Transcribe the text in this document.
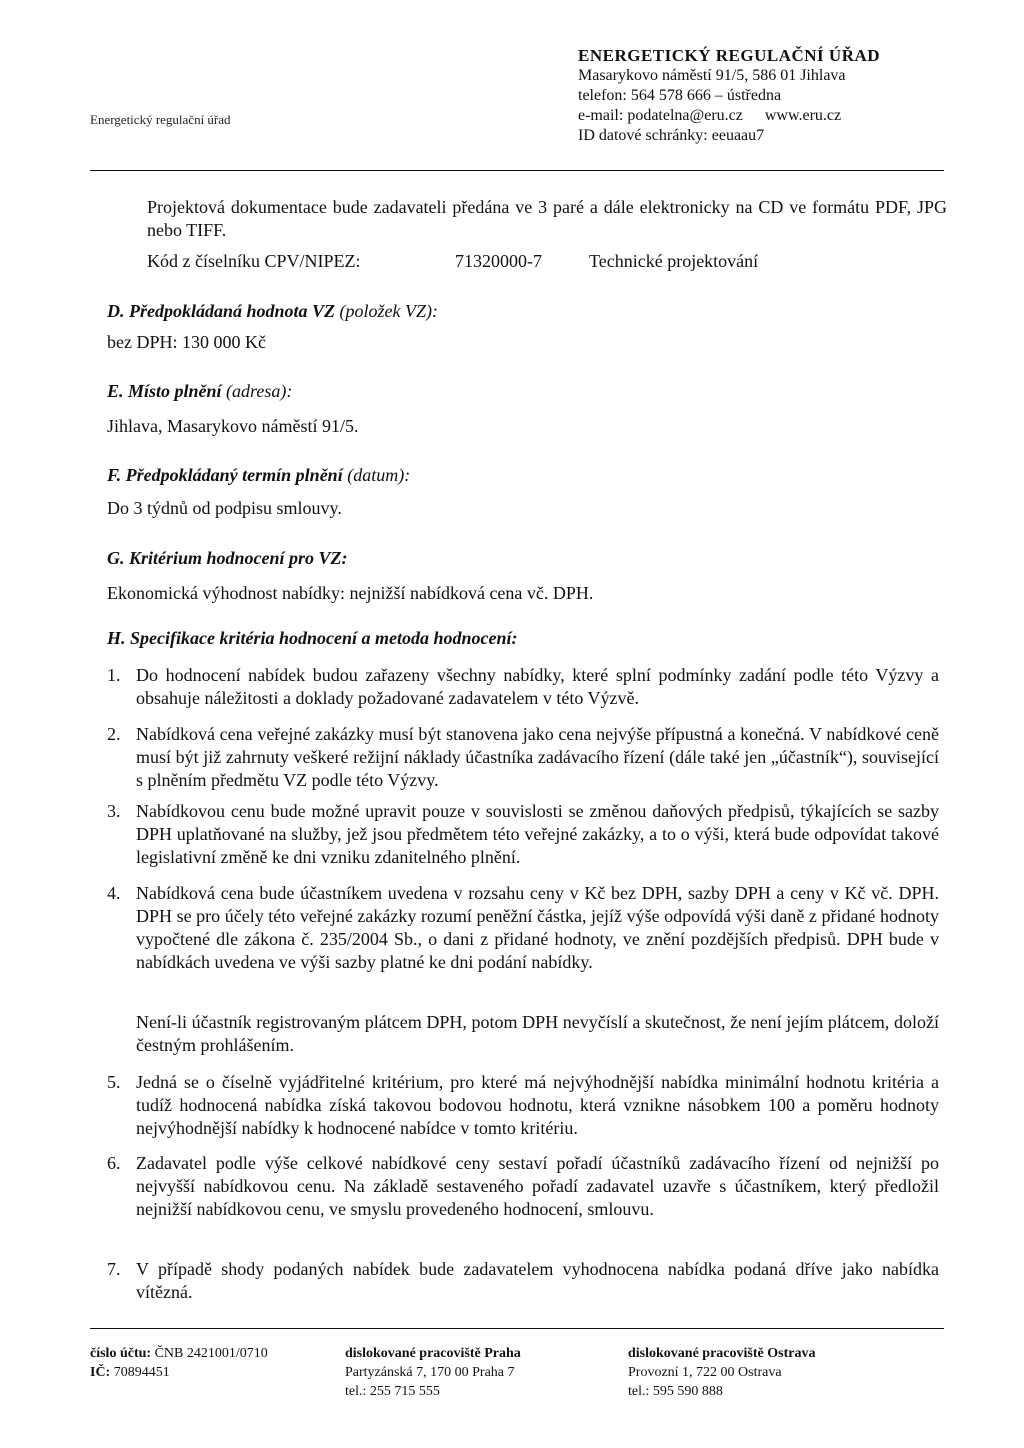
Energetický regulační úřad
ENERGETICKÝ REGULAČNÍ ÚŘAD
Masarykovo náměstí 91/5, 586 01 Jihlava
telefon: 564 578 666 – ústředna
e-mail: podatelna@eru.cz www.eru.cz
ID datové schránky: eeuaau7
Projektová dokumentace bude zadavateli předána ve 3 paré a dále elektronicky na CD ve formátu PDF, JPG nebo TIFF.
Kód z číselníku CPV/NIPEZ:	71320000-7	Technické projektování
D. Předpokládaná hodnota VZ (položek VZ):
bez DPH: 130 000 Kč
E. Místo plnění (adresa):
Jihlava, Masarykovo náměstí 91/5.
F. Předpokládaný termín plnění (datum):
Do 3 týdnů od podpisu smlouvy.
G. Kritérium hodnocení pro VZ:
Ekonomická výhodnost nabídky: nejnižší nabídková cena vč. DPH.
H. Specifikace kritéria hodnocení a metoda hodnocení:
1. Do hodnocení nabídek budou zařazeny všechny nabídky, které splní podmínky zadání podle této Výzvy a obsahuje náležitosti a doklady požadované zadavatelem v této Výzvě.
2. Nabídková cena veřejné zakázky musí být stanovena jako cena nejvýše přípustná a konečná. V nabídkové ceně musí být již zahrnuty veškeré režijní náklady účastníka zadávacího řízení (dále také jen „účastník“), související s plněním předmětu VZ podle této Výzvy.
3. Nabídkovou cenu bude možné upravit pouze v souvislosti se změnou daňových předpisů, týkajících se sazby DPH uplatňované na služby, jež jsou předmětem této veřejné zakázky, a to o výši, která bude odpovídat takové legislativní změně ke dni vzniku zdanitelného plnění.
4. Nabídková cena bude účastníkem uvedena v rozsahu ceny v Kč bez DPH, sazby DPH a ceny v Kč vč. DPH. DPH se pro účely této veřejné zakázky rozumí peněžní částka, jejíž výše odpovídá výši daně z přidané hodnoty vypočtené dle zákona č. 235/2004 Sb., o dani z přidané hodnoty, ve znění pozdějších předpisů. DPH bude v nabídkách uvedena ve výši sazby platné ke dni podání nabídky.
Není-li účastník registrovaným plátcem DPH, potom DPH nevyčíslí a skutečnost, že není jejím plátcem, doloží čestným prohlášením.
5. Jedná se o číselně vyjádřitelné kritérium, pro které má nejvýhodnější nabídka minimální hodnotu kritéria a tudíž hodnocená nabídka získá takovou bodovou hodnotu, která vznikne násobkem 100 a poměru hodnoty nejvýhodnější nabídky k hodnocené nabídce v tomto kritériu.
6. Zadavatel podle výše celkové nabídkové ceny sestaví pořadí účastníků zadávacího řízení od nejnižší po nejvyšší nabídkovou cenu. Na základě sestaveného pořadí zadavatel uzavře s účastníkem, který předložil nejnižší nabídkovou cenu, ve smyslu provedeného hodnocení, smlouvu.
7. V případě shody podaných nabídek bude zadavatelem vyhodnocena nabídka podaná dříve jako nabídka vítězná.
číslo účtu: ČNB 2421001/0710
IČ: 70894451
dislokované pracoviště Praha
Partyzánská 7, 170 00 Praha 7
tel.: 255 715 555
dislokované pracoviště Ostrava
Provozní 1, 722 00 Ostrava
tel.: 595 590 888
